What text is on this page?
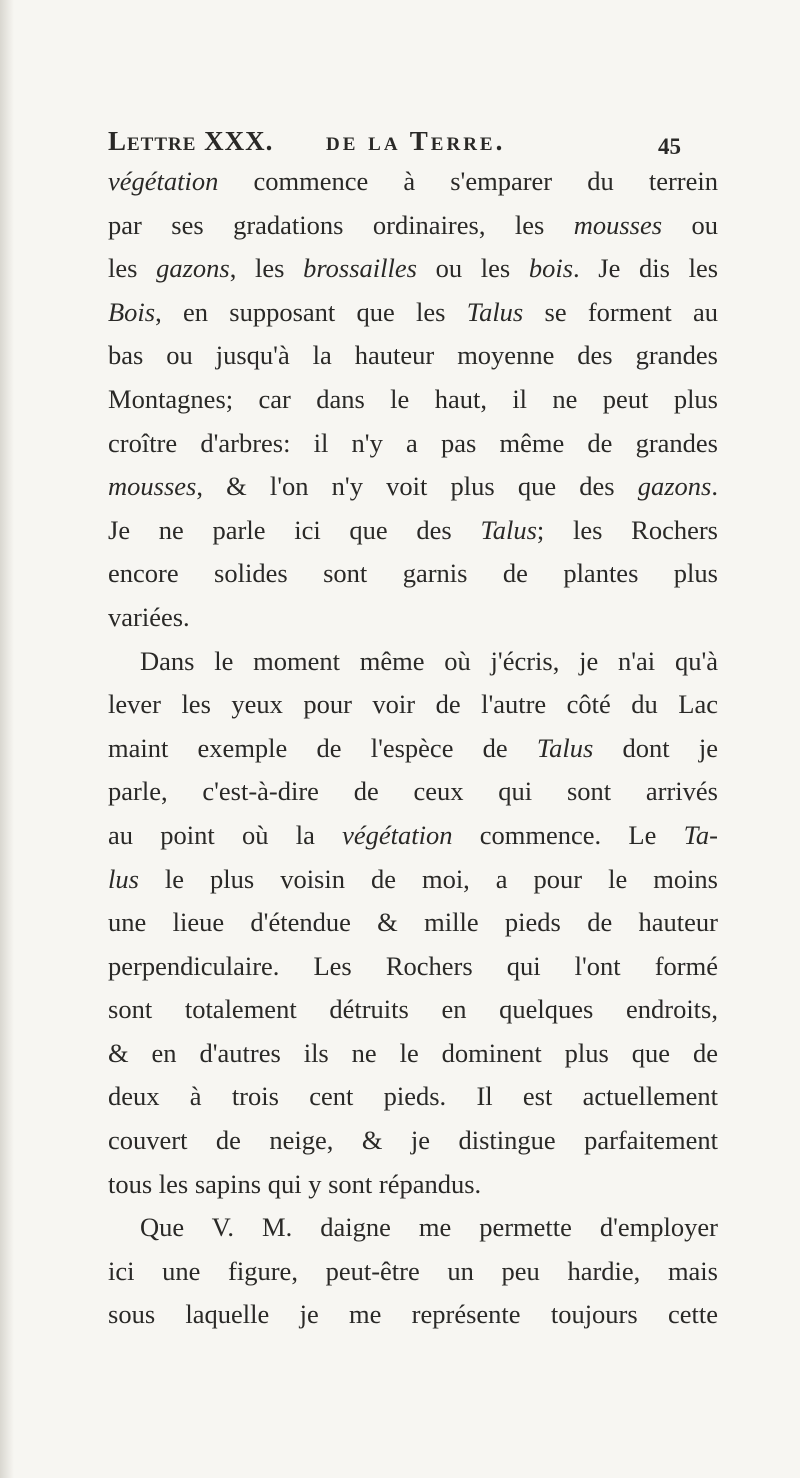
Lettre XXX. de la Terre.	45
végétation commence à s'emparer du terrein
par ses gradations ordinaires, les mousses ou
les gazons, les brossailles ou les bois. Je dis les
Bois, en supposant que les Talus se forment au
bas ou jusqu'à la hauteur moyenne des grandes
Montagnes; car dans le haut, il ne peut plus
croître d'arbres: il n'y a pas même de grandes
mousses, & l'on n'y voit plus que des gazons.
Je ne parle ici que des Talus; les Rochers
encore solides sont garnis de plantes plus
variées.
Dans le moment même où j'écris, je n'ai qu'à
lever les yeux pour voir de l'autre côté du Lac
maint exemple de l'espèce de Talus dont je
parle, c'est-à-dire de ceux qui sont arrivés
au point où la végétation commence. Le Ta-
lus le plus voisin de moi, a pour le moins
une lieue d'étendue & mille pieds de hauteur
perpendiculaire. Les Rochers qui l'ont formé
sont totalement détruits en quelques endroits,
& en d'autres ils ne le dominent plus que de
deux à trois cent pieds. Il est actuellement
couvert de neige, & je distingue parfaitement
tous les sapins qui y sont répandus.
Que V. M. daigne me permette d'employer
ici une figure, peut-être un peu hardie, mais
sous laquelle je me représente toujours cette
